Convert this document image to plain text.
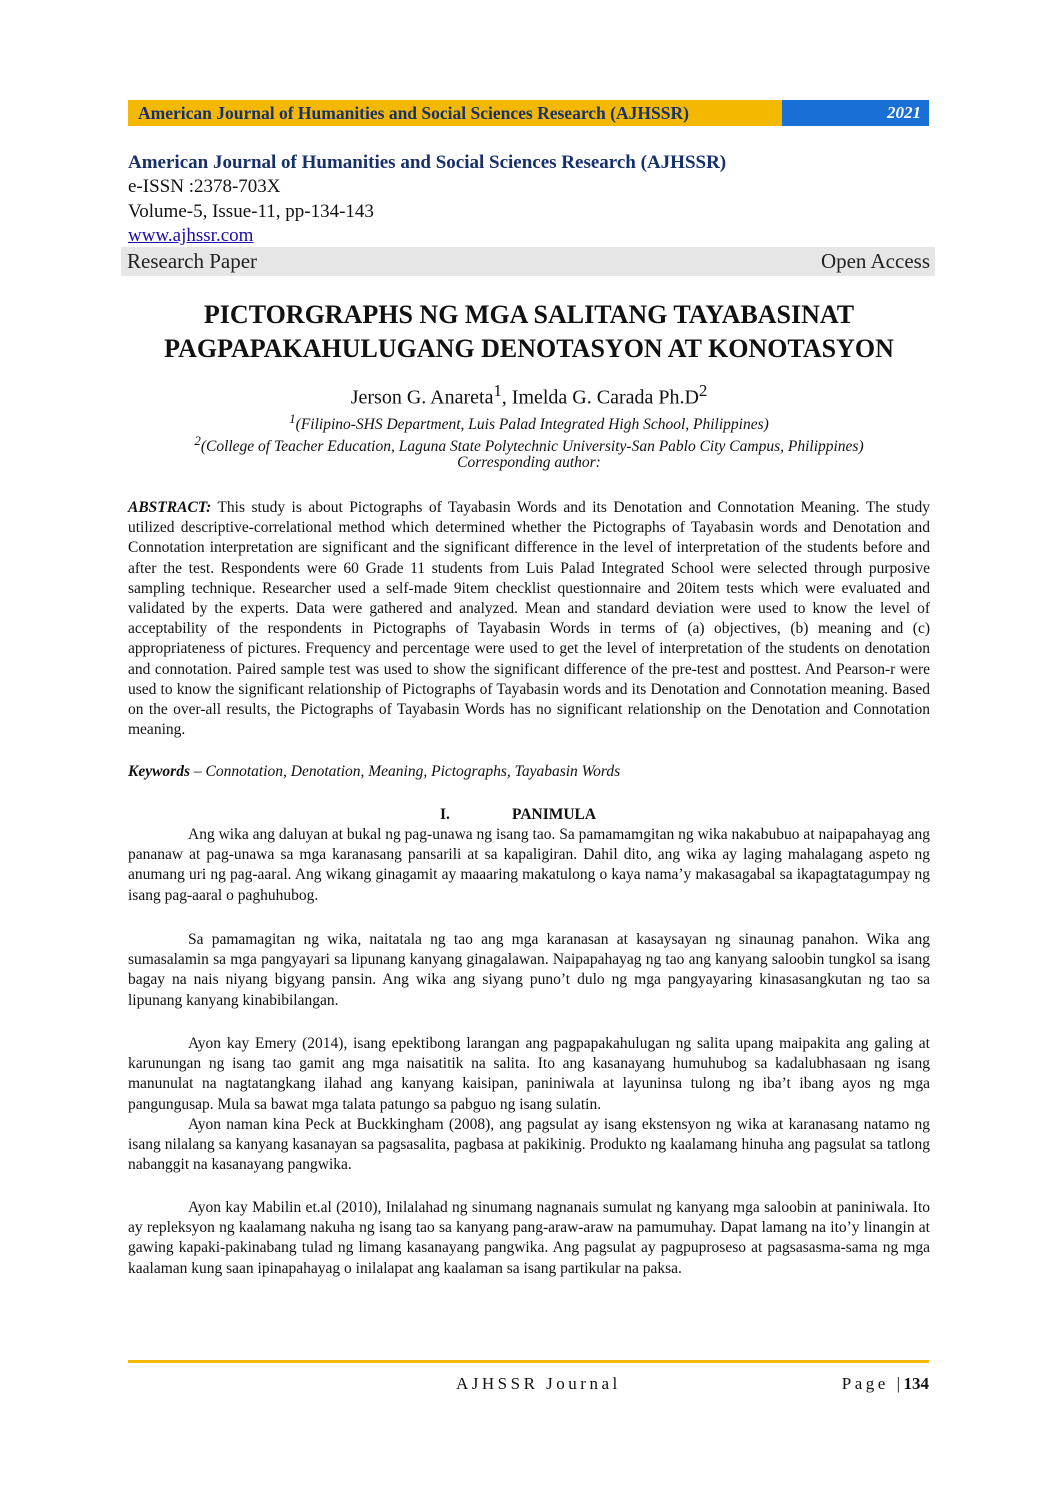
American Journal of Humanities and Social Sciences Research (AJHSSR)	2021
American Journal of Humanities and Social Sciences Research (AJHSSR)
e-ISSN :2378-703X
Volume-5, Issue-11, pp-134-143
www.ajhssr.com
Research Paper	Open Access
PICTORGRAPHS NG MGA SALITANG TAYABASINAT
PAGPAPAKAHULUGANG DENOTASYON AT KONOTASYON
Jerson G. Anareta$^1$, Imelda G. Carada $Ph.D^2$
$^1$(Filipino-SHS Department, Luis Palad Integrated High School, Philippines)
$^2$(College of Teacher Education, Laguna State Polytechnic University-San Pablo City Campus, Philippines)
Corresponding author:
ABSTRACT: This study is about Pictographs of Tayabasin Words and its Denotation and Connotation Meaning. The study utilized descriptive-correlational method which determined whether the Pictographs of Tayabasin words and Denotation and Connotation interpretation are significant and the significant difference in the level of interpretation of the students before and after the test. Respondents were 60 Grade 11 students from Luis Palad Integrated School were selected through purposive sampling technique. Researcher used a self-made 9item checklist questionnaire and 20item tests which were evaluated and validated by the experts. Data were gathered and analyzed. Mean and standard deviation were used to know the level of acceptability of the respondents in Pictographs of Tayabasin Words in terms of (a) objectives, (b) meaning and (c) appropriateness of pictures. Frequency and percentage were used to get the level of interpretation of the students on denotation and connotation. Paired sample test was used to show the significant difference of the pre-test and posttest. And Pearson-r were used to know the significant relationship of Pictographs of Tayabasin words and its Denotation and Connotation meaning. Based on the over-all results, the Pictographs of Tayabasin Words has no significant relationship on the Denotation and Connotation meaning.
Keywords – Connotation, Denotation, Meaning, Pictographs, Tayabasin Words
I.	PANIMULA
Ang wika ang daluyan at bukal ng pag-unawa ng isang tao. Sa pamamamgitan ng wika nakabubuo at naipapahayag ang pananaw at pag-unawa sa mga karanasang pansarili at sa kapaligiran. Dahil dito, ang wika ay laging mahalagang aspeto ng anumang uri ng pag-aaral. Ang wikang ginagamit ay maaaring makatulong o kaya nama’y makasagabal sa ikapagtatagumpay ng isang pag-aaral o paghuhubog.
Sa pamamagitan ng wika, naitatala ng tao ang mga karanasan at kasaysayan ng sinaunag panahon. Wika ang sumasalamin sa mga pangyayari sa lipunang kanyang ginagalawan. Naipapahayag ng tao ang kanyang saloobin tungkol sa isang bagay na nais niyang bigyang pansin. Ang wika ang siyang puno’t dulo ng mga pangyayaring kinasasangkutan ng tao sa lipunang kanyang kinabibilangan.
Ayon kay Emery (2014), isang epektibong larangan ang pagpapakahulugan ng salita upang maipakita ang galing at karunungan ng isang tao gamit ang mga naisatitik na salita. Ito ang kasanayang humuhubog sa kadalubhasaan ng isang manunulat na nagtatangkang ilahad ang kanyang kaisipan, paniniwala at layuninsa tulong ng iba’t ibang ayos ng mga pangungusap. Mula sa bawat mga talata patungo sa pabguo ng isang sulatin.
Ayon naman kina Peck at Buckkingham (2008), ang pagsulat ay isang ekstensyon ng wika at karanasang natamo ng isang nilalang sa kanyang kasanayan sa pagsasalita, pagbasa at pakikinig. Produkto ng kaalamang hinuha ang pagsulat sa tatlong nabanggit na kasanayang pangwika.
Ayon kay Mabilin et.al (2010), Inilalahad ng sinumang nagnanais sumulat ng kanyang mga saloobin at paniniwala. Ito ay repleksyon ng kaalamang nakuha ng isang tao sa kanyang pang-araw-araw na pamumuhay. Dapat lamang na ito’y linangin at gawing kapaki-pakinabang tulad ng limang kasanayang pangwika. Ang pagsulat ay pagpuproseso at pagsasasma-sama ng mga kaalaman kung saan ipinapahayag o inilalapat ang kaalaman sa isang partikular na paksa.
AJHSSR Journal	Page |134
